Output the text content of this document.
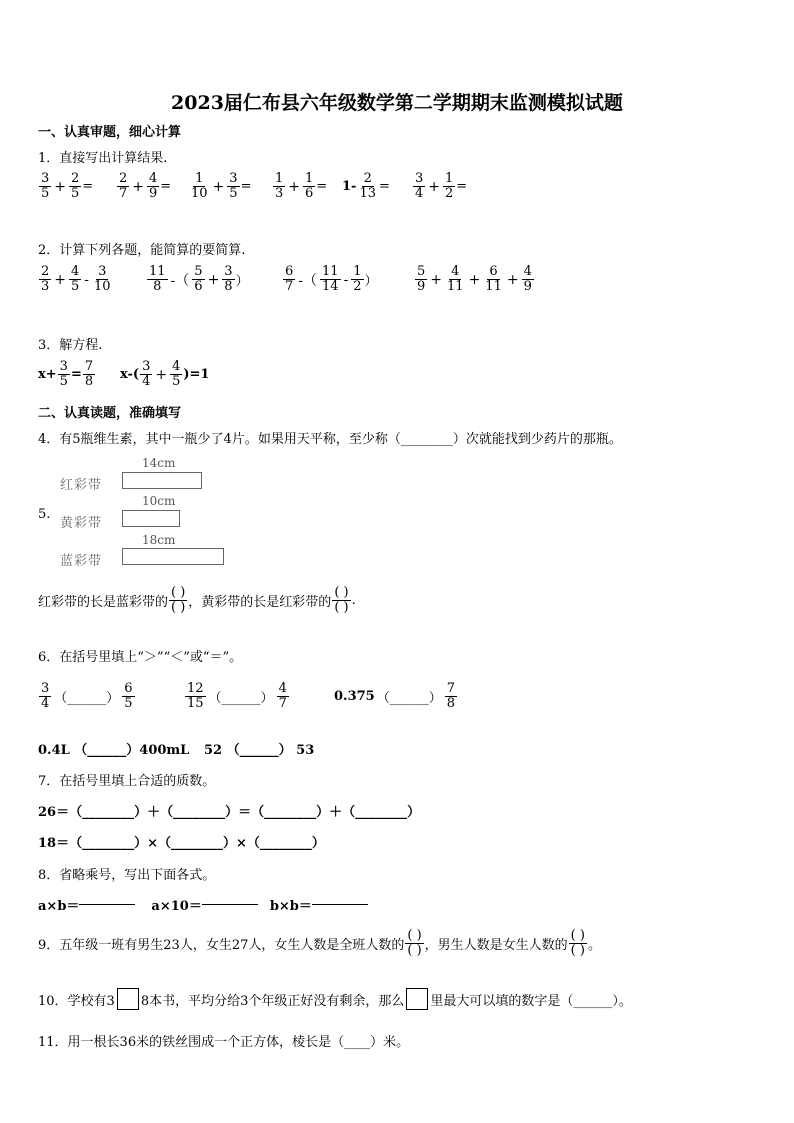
2023届仁布县六年级数学第二学期期末监测模拟试题
一、认真审题，细心计算
1．直接写出计算结果.
$\frac{3}{5} + \frac{2}{5} = \frac{2}{7} + \frac{4}{9} = \frac{1}{10} + \frac{3}{5} = \frac{1}{3} + \frac{1}{6} = 1- \frac{2}{13} = \frac{3}{4} + \frac{1}{2}$ =
2．计算下列各题，能简算的要简算.
$\frac{2}{3} + \frac{4}{5} - \frac{3}{10}$	$\frac{11}{8}$ -（ $\frac{5}{6} + \frac{3}{8}$ ）	$\frac{6}{7}$ -（ $\frac{11}{14} - \frac{1}{2}$ ）	$\frac{5}{9} + \frac{4}{11} + \frac{6}{11} + \frac{4}{9}$
3．解方程.
$x+ \frac{3}{5} = \frac{7}{8} x-( \frac{3}{4} + \frac{4}{5} )=1$
二、认真读题，准确填写
4．有5瓶维生素，其中一瓶少了4片。如果用天平称，至少称（________）次就能找到少药片的那瓶。
14cm
红彩带
5.
10cm
黄彩带
18cm
蓝彩带
红彩带的长是蓝彩带的 $\frac{( )}{( )}$ ，黄彩带的长是红彩带的 $\frac{( )}{( )}$ .
6．在括号里填上“＞”“＜”或“＝”。
$\frac{3}{4}$ （______） $\frac{6}{5}$	$\frac{12}{15}$ （______） $\frac{4}{7}$	0.375 （______） $\frac{7}{8}$
0.4L （______）400mL 52 （______） 53
7．在括号里填上合适的质数。
26＝（________）＋（________）＝（________）＋（________）
18＝（________）×（________）×（________）
8．省略乘号，写出下面各式。
a×b＝	a×10＝	b×b＝
9．五年级一班有男生23人，女生27人，女生人数是全班人数的 $\frac{( )}{( )}$ ，男生人数是女生人数的 $\frac{( )}{( )}$ 。
10．学校有3 8本书，平均分给3个年级正好没有剩余，那么 里最大可以填的数字是（______）。
11．用一根长36米的铁丝围成一个正方体，棱长是（____）米。
